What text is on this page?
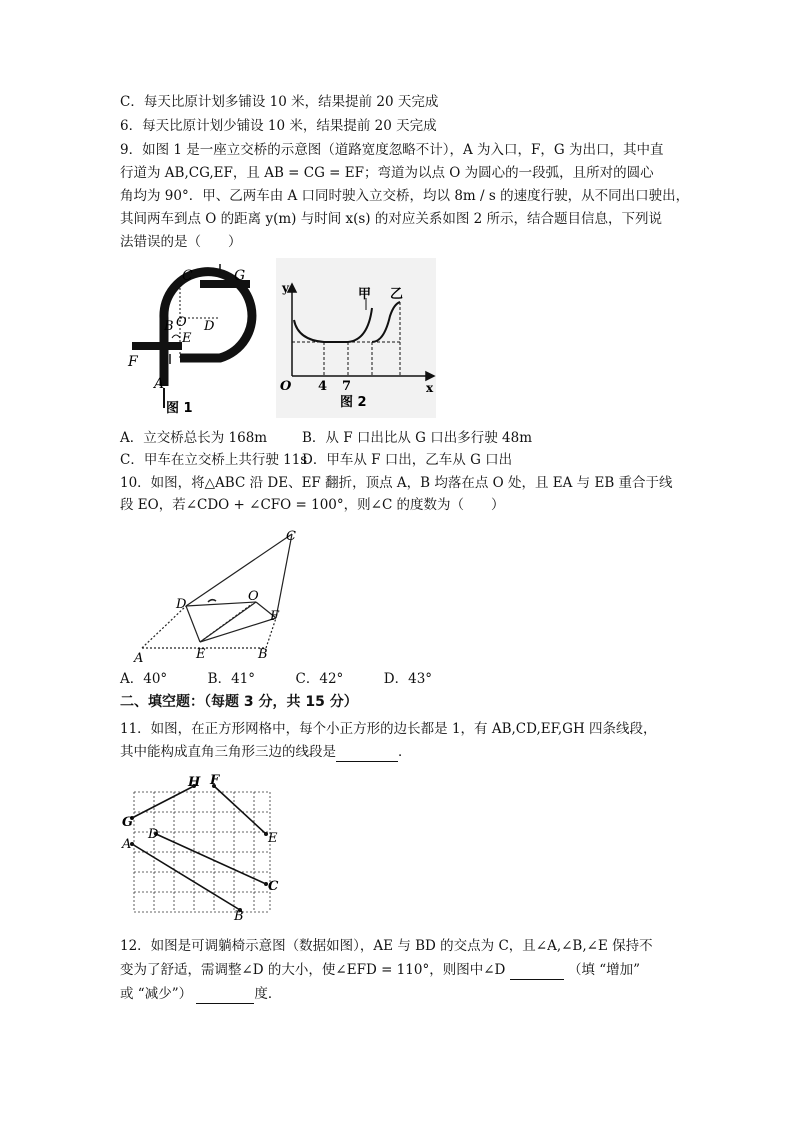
C．每天比原计划多铺设 10 米，结果提前 20 天完成
6．每天比原计划少铺设 10 米，结果提前 20 天完成
9．如图 1 是一座立交桥的示意图（道路宽度忽略不计），A 为入口，F，G 为出口，其中直
行道为 AB,CG,EF，且 AB = CG = EF；弯道为以点 O 为圆心的一段弧，且所对的圆心
角均为 90°．甲、乙两车由 A 口同时驶入立交桥，均以 8m / s 的速度行驶，从不同出口驶出，
其间两车到点 O 的距离 y(m) 与时间 x(s) 的对应关系如图 2 所示，结合题目信息，下列说
法错误的是（　　）
C	G
O
B D
E
F
A
图 1
y
x
O 4 7
甲 乙
图 2
A．立交桥总长为 168m	B．从 F 口出比从 G 口出多行驶 48m
C．甲车在立交桥上共行驶 11s
D．甲车从 F 口出，乙车从 G 口出
10．如图，将△ABC 沿 DE、EF 翻折，顶点 A，B 均落在点 O 处，且 EA 与 EB 重合于线
段 EO，若∠CDO + ∠CFO = 100°，则∠C 的度数为（　　）
C
D
O
F
E	B
A
A．40°　　　B．41°　　　C．42°　　　D．43°
二、填空题：（每题 3 分，共 15 分）
11．如图，在正方形网格中，每个小正方形的边长都是 1，有 AB,CD,EF,GH 四条线段，
其中能构成直角三角形三边的线段是	．
H F
G
D	E
A
C
B
12．如图是可调躺椅示意图（数据如图），AE 与 BD 的交点为 C，且∠A,∠B,∠E 保持不
变为了舒适，需调整∠D 的大小，使∠EFD = 110°，则图中∠D	（填 “增加”
或 “减少”）	度．
